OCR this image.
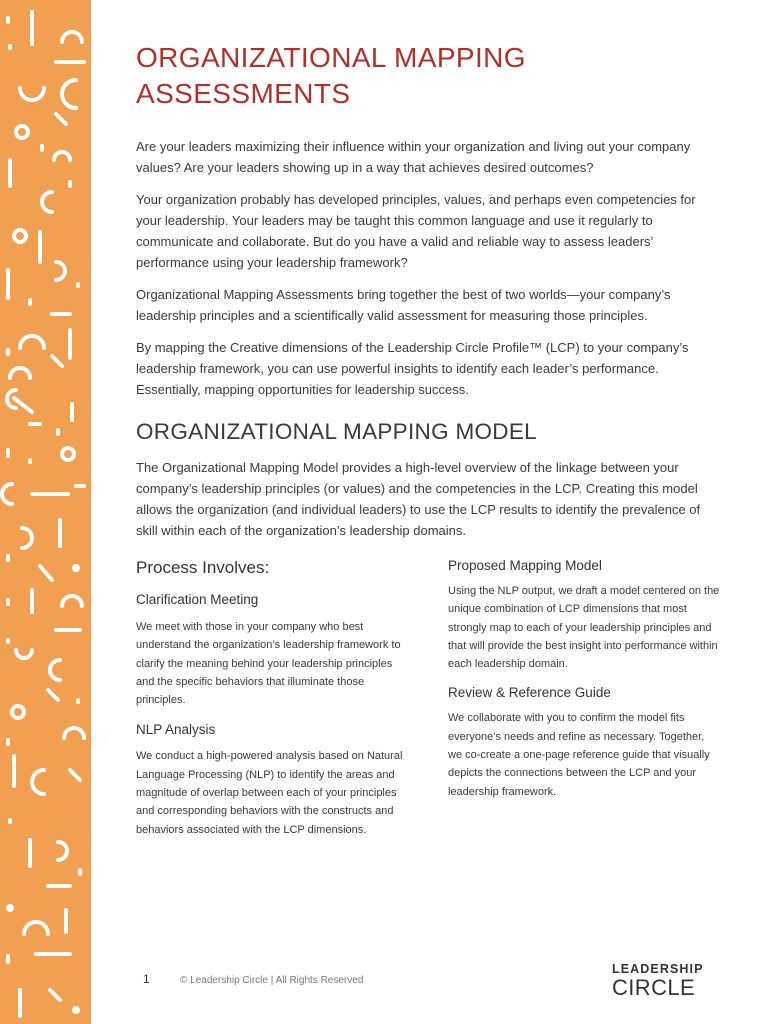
ORGANIZATIONAL MAPPING ASSESSMENTS

Are your leaders maximizing their influence within your organization and living out your company values? Are your leaders showing up in a way that achieves desired outcomes?

Your organization probably has developed principles, values, and perhaps even competencies for your leadership. Your leaders may be taught this common language and use it regularly to communicate and collaborate. But do you have a valid and reliable way to assess leaders’ performance using your leadership framework?

Organizational Mapping Assessments bring together the best of two worlds—your company’s leadership principles and a scientifically valid assessment for measuring those principles.

By mapping the Creative dimensions of the Leadership Circle Profile™ (LCP) to your company’s leadership framework, you can use powerful insights to identify each leader’s performance. Essentially, mapping opportunities for leadership success.

ORGANIZATIONAL MAPPING MODEL

The Organizational Mapping Model provides a high-level overview of the linkage between your company’s leadership principles (or values) and the competencies in the LCP. Creating this model allows the organization (and individual leaders) to use the LCP results to identify the prevalence of skill within each of the organization’s leadership domains.

Process Involves:
Clarification Meeting

We meet with those in your company who best understand the organization’s leadership framework to clarify the meaning behind your leadership principles and the specific behaviors that illuminate those principles.

NLP Analysis

We conduct a high-powered analysis based on Natural Language Processing (NLP) to identify the areas and magnitude of overlap between each of your principles and corresponding behaviors with the constructs and behaviors associated with the LCP dimensions.

Proposed Mapping Model

Using the NLP output, we draft a model centered on the unique combination of LCP dimensions that most strongly map to each of your leadership principles and that will provide the best insight into performance within each leadership domain.

Review & Reference Guide

We collaborate with you to confirm the model fits everyone’s needs and refine as necessary. Together, we co-create a one-page reference guide that visually depicts the connections between the LCP and your leadership framework.

1	© Leadership Circle | All Rights Reserved
LEADERSHIP
CIRCLE
